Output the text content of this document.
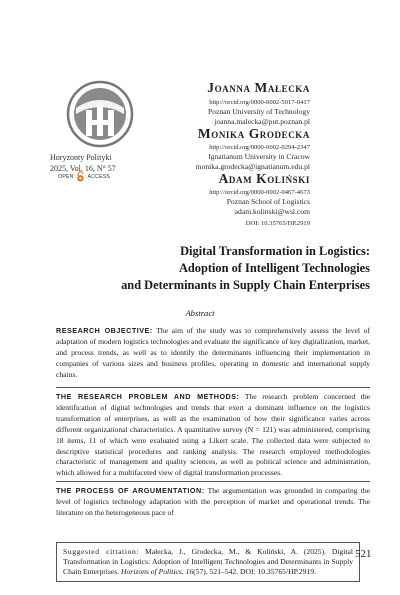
Horyzonty Polityki
2025, Vol. 16, N° 57
OPEN	ACCESS
Joanna Małecka
http://orcid.org/0000-0002-5017-0417
Poznan University of Technology
joanna.malecka@put.poznan.pl
Monika Grodecka
http://orcid.org/0000-0002-0294-2347
Ignatianum University in Cracow
monika.grodecka@ignatianum.edu.pl
Adam Koliński
http://orcid.org/0000-0002-0467-4673
Poznan School of Logistics
adam.kolinski@wsl.com
DOI: 10.35765/HP.2919
Digital Transformation in Logistics:
Adoption of Intelligent Technologies
and Determinants in Supply Chain Enterprises
Abstract
RESEARCH OBJECTIVE: The aim of the study was to comprehensively assess the level of adaptation of modern logistics technologies and evaluate the significance of key digitalization, market, and process trends, as well as to identify the determinants influencing their implementation in companies of various sizes and business profiles, operating in domestic and international supply chains.
THE RESEARCH PROBLEM AND METHODS: The research problem concerned the identification of digital technologies and trends that exert a dominant influence on the logistics transformation of enterprises, as well as the examination of how their significance varies across different organizational characteristics. A quantitative survey (N = 121) was administered, comprising 18 items, 11 of which were evaluated using a Likert scale. The collected data were subjected to descriptive statistical procedures and ranking analysis. The research employed methodologies characteristic of management and quality sciences, as well as political science and administration, which allowed for a multifaceted view of digital transformation processes.
THE PROCESS OF ARGUMENTATION: The argumentation was grounded in comparing the level of logistics technology adaptation with the perception of market and operational trends. The literature on the heterogeneous pace of
Suggested cittation: Małecka, J., Grodecka, M., & Koliński, A. (2025). Digital Transformation in Logistics: Adoption of Intelligent Technologies and Determinants in Supply Chain Enterprises. Horizons of Politics, 16(57), 521–542. DOI: 10.35765/HP.2919.
521
